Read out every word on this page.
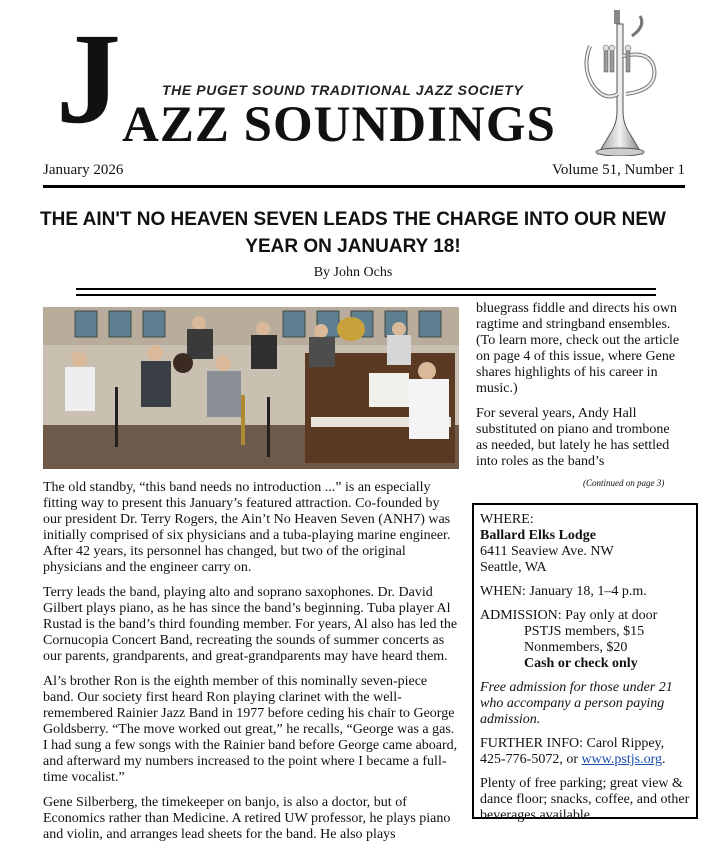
J	THE PUGET SOUND TRADITIONAL JAZZ SOCIETY
AZZ SOUNDINGS
January 2026	Volume 51, Number 1
THE AIN'T NO HEAVEN SEVEN LEADS THE CHARGE INTO OUR NEW YEAR ON JANUARY 18!
By John Ochs

bluegrass fiddle and directs his own ragtime and stringband ensembles. (To learn more, check out the article on page 4 of this issue, where Gene shares highlights of his career in music.)

For several years, Andy Hall substituted on piano and trombone as needed, but lately he has settled into roles as the band’s

(Continued on page 3)

The old standby, “this band needs no introduction ...” is an especially fitting way to present this January’s featured attraction. Co-founded by our president Dr. Terry Rogers, the Ain’t No Heaven Seven (ANH7) was initially comprised of six physicians and a tuba-playing marine engineer. After 42 years, its personnel has changed, but two of the original physicians and the engineer carry on.

Terry leads the band, playing alto and soprano saxophones. Dr. David Gilbert plays piano, as he has since the band’s beginning. Tuba player Al Rustad is the band’s third founding member. For years, Al also has led the Cornucopia Concert Band, recreating the sounds of summer concerts as our parents, grandparents, and great-grandparents may have heard them.

Al’s brother Ron is the eighth member of this nominally seven-piece band. Our society first heard Ron playing clarinet with the well-remembered Rainier Jazz Band in 1977 before ceding his chair to George Goldsberry. “The move worked out great,” he recalls, “George was a gas. I had sung a few songs with the Rainier band before George came aboard, and afterward my numbers increased to the point where I became a full-time vocalist.”

Gene Silberberg, the timekeeper on banjo, is also a doctor, but of Economics rather than Medicine. A retired UW professor, he plays piano and violin, and arranges lead sheets for the band. He also plays

WHERE:
Ballard Elks Lodge
6411 Seaview Ave. NW
Seattle, WA
WHEN: January 18, 1–4 p.m.
ADMISSION: Pay only at door
PSTJS members, $15
Nonmembers, $20
Cash or check only
Free admission for those under 21 who accompany a person paying admission.
FURTHER INFO: Carol Rippey, 425-776-5072, or www.pstjs.org.
Plenty of free parking; great view & dance floor; snacks, coffee, and other beverages available.
